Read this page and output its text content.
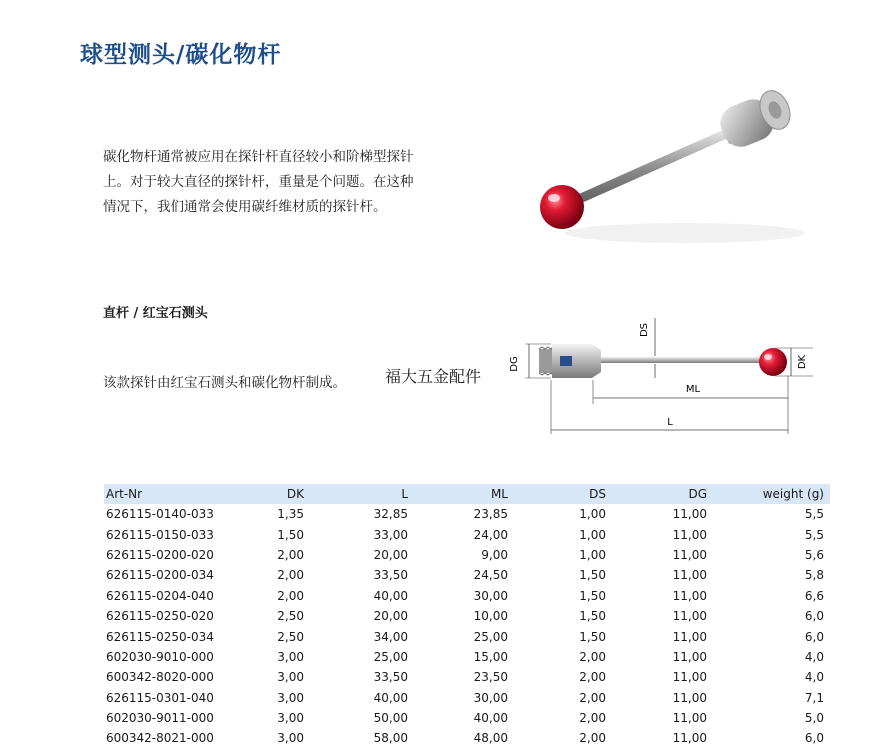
球型测头/碳化物杆
碳化物杆通常被应用在探针杆直径较小和阶梯型探针
上。对于较大直径的探针杆，重量是个问题。在这种
情况下，我们通常会使用碳纤维材质的探针杆。
直杆 / 红宝石测头
该款探针由红宝石测头和碳化物杆制成。 福大五金配件
DG
DS
DK
ML
L
Art-Nr	DK	L	ML	DS	DG	weight (g)
626115-0140-033	1,35	32,85	23,85	1,00	11,00	5,5
626115-0150-033	1,50	33,00	24,00	1,00	11,00	5,5
626115-0200-020	2,00	20,00	9,00	1,00	11,00	5,6
626115-0200-034	2,00	33,50	24,50	1,50	11,00	5,8
626115-0204-040	2,00	40,00	30,00	1,50	11,00	6,6
626115-0250-020	2,50	20,00	10,00	1,50	11,00	6,0
626115-0250-034	2,50	34,00	25,00	1,50	11,00	6,0
602030-9010-000	3,00	25,00	15,00	2,00	11,00	4,0
600342-8020-000	3,00	33,50	23,50	2,00	11,00	4,0
626115-0301-040	3,00	40,00	30,00	2,00	11,00	7,1
602030-9011-000	3,00	50,00	40,00	2,00	11,00	5,0
600342-8021-000	3,00	58,00	48,00	2,00	11,00	6,0
